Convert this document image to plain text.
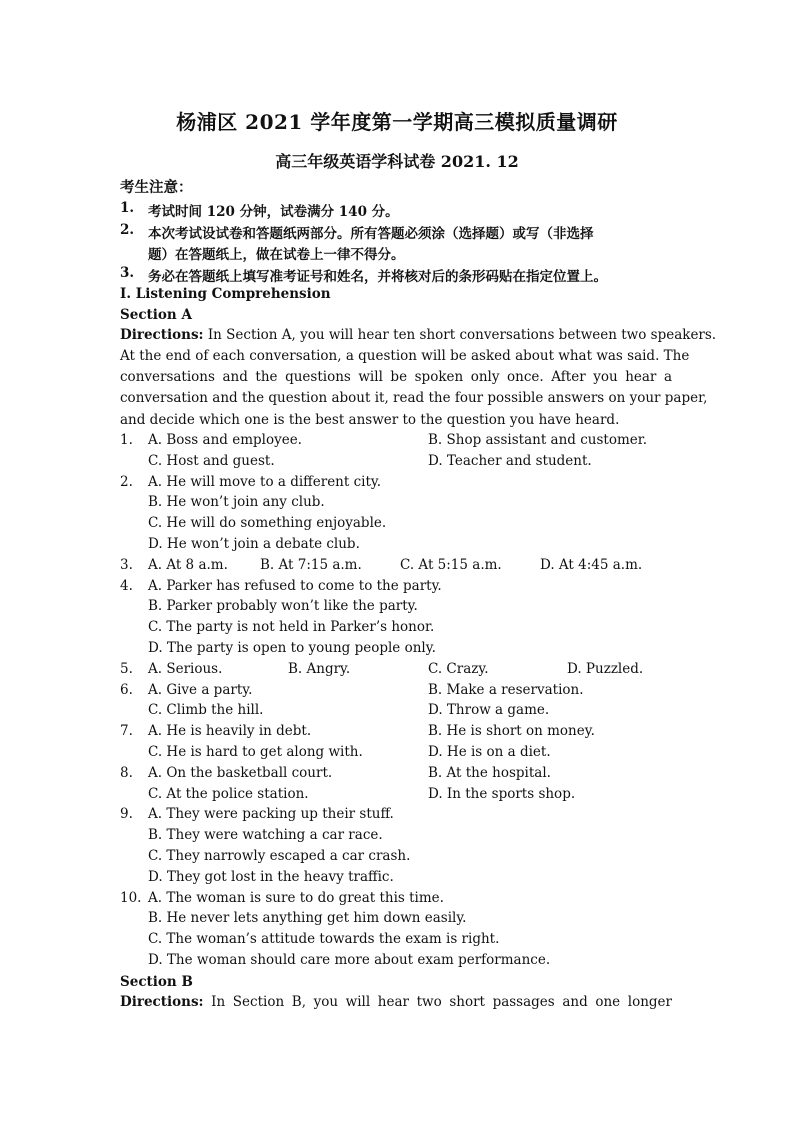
杨浦区 2021 学年度第一学期高三模拟质量调研
高三年级英语学科试卷 2021. 12
考生注意：
1. 考试时间 120 分钟，试卷满分 140 分。
2. 本次考试设试卷和答题纸两部分。所有答题必须涂（选择题）或写（非选择
题）在答题纸上，做在试卷上一律不得分。
3. 务必在答题纸上填写准考证号和姓名，并将核对后的条形码贴在指定位置上。
I. Listening Comprehension
Section A
Directions: In Section A, you will hear ten short conversations between two speakers.
At the end of each conversation, a question will be asked about what was said. The
conversations and the questions will be spoken only once. After you hear a
conversation and the question about it, read the four possible answers on your paper,
and decide which one is the best answer to the question you have heard.
1. A. Boss and employee.	B. Shop assistant and customer.
C. Host and guest.	D. Teacher and student.
2. A. He will move to a different city.
B. He won’t join any club.
C. He will do something enjoyable.
D. He won’t join a debate club.
3. A. At 8 a.m. B. At 7:15 a.m.	C. At 5:15 a.m.	D. At 4:45 a.m.
4. A. Parker has refused to come to the party.
B. Parker probably won’t like the party.
C. The party is not held in Parker’s honor.
D. The party is open to young people only.
5. A. Serious.	B. Angry.	C. Crazy.	D. Puzzled.
6. A. Give a party.	B. Make a reservation.
C. Climb the hill.	D. Throw a game.
7. A. He is heavily in debt.	B. He is short on money.
C. He is hard to get along with.	D. He is on a diet.
8. A. On the basketball court.	B. At the hospital.
C. At the police station.	D. In the sports shop.
9. A. They were packing up their stuff.
B. They were watching a car race.
C. They narrowly escaped a car crash.
D. They got lost in the heavy traffic.
10. A. The woman is sure to do great this time.
B. He never lets anything get him down easily.
C. The woman’s attitude towards the exam is right.
D. The woman should care more about exam performance.
Section B
Directions: In Section B, you will hear two short passages and one longer
